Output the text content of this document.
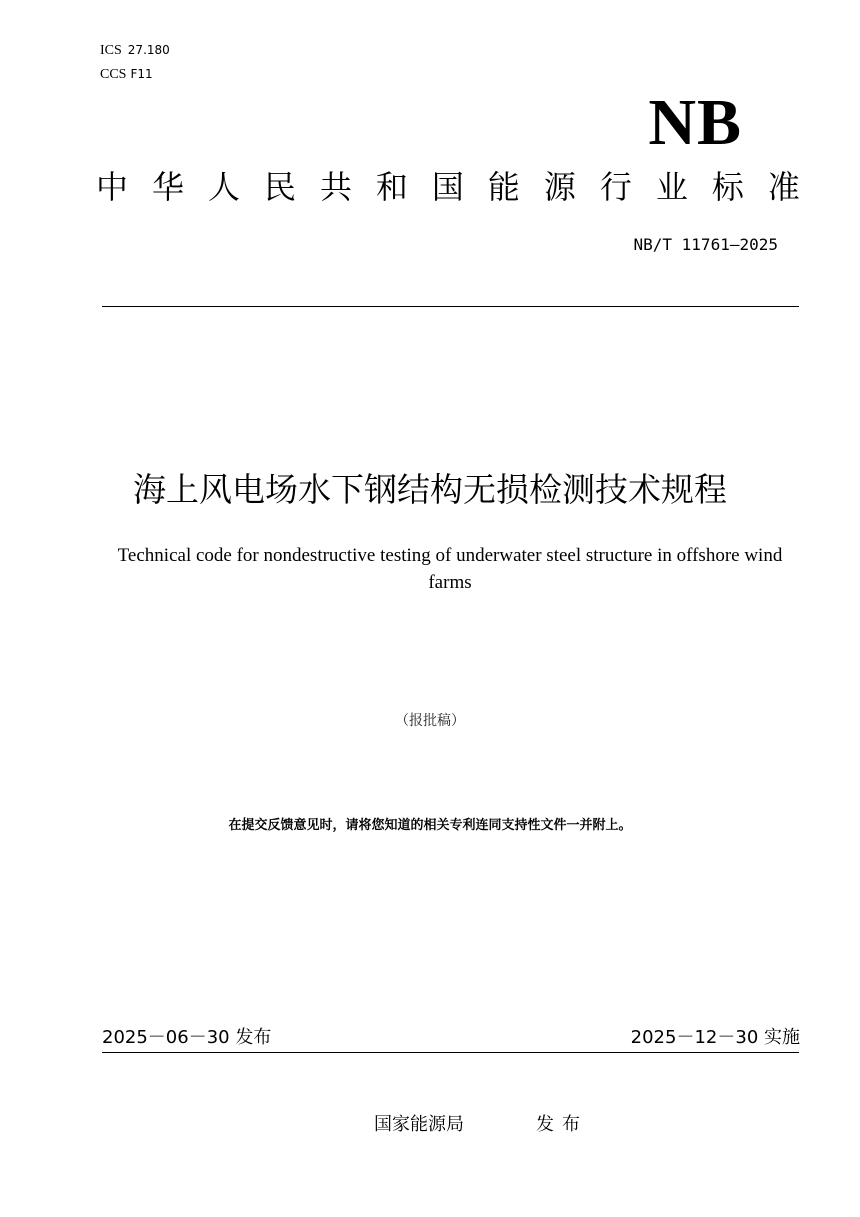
ICS 27.180
CCS F11
NB
中 华 人 民 共 和 国 能 源 行 业 标 准
NB/T 11761—2025
海上风电场水下钢结构无损检测技术规程
Technical code for nondestructive testing of underwater steel structure in offshore wind farms
（报批稿）
在提交反馈意见时，请将您知道的相关专利连同支持性文件一并附上。
2025－06－30 发布	2025－12－30 实施
国家能源局	发布
